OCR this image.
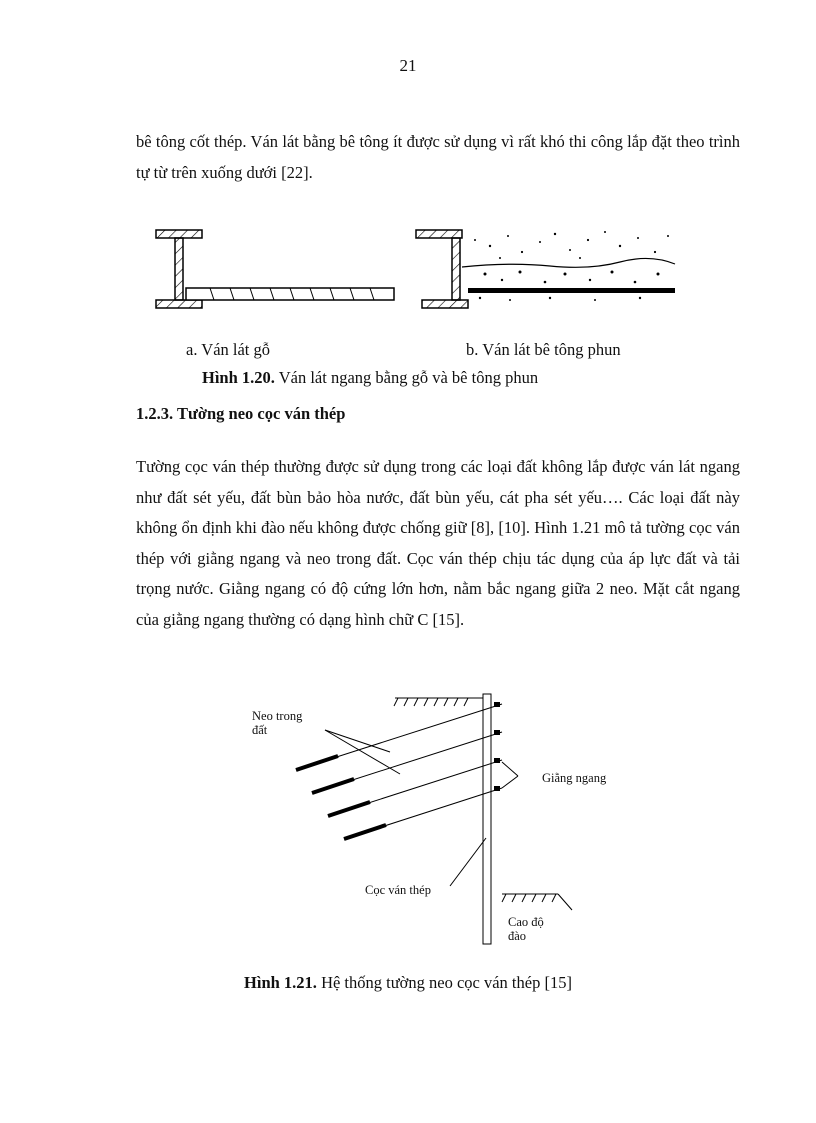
21
bê tông cốt thép. Ván lát bằng bê tông ít được sử dụng vì rất khó thi công lắp đặt theo trình tự từ trên xuống dưới [22].
a. Ván lát gỗ	b. Ván lát bê tông phun
Hình 1.20. Ván lát ngang bằng gỗ và bê tông phun
1.2.3. Tường neo cọc ván thép
Tường cọc ván thép thường được sử dụng trong các loại đất không lắp được ván lát ngang như đất sét yếu, đất bùn bảo hòa nước, đất bùn yếu, cát pha sét yếu…. Các loại đất này không ổn định khi đào nếu không được chống giữ [8], [10]. Hình 1.21 mô tả tường cọc ván thép với giằng ngang và neo trong đất. Cọc ván thép chịu tác dụng của áp lực đất và tải trọng nước. Giằng ngang có độ cứng lớn hơn, nằm bắc ngang giữa 2 neo. Mặt cắt ngang của giằng ngang thường có dạng hình chữ C [15].
Neo trong
đất
Giằng ngang
Cọc ván thép
Cao độ
đào
Hình 1.21. Hệ thống tường neo cọc ván thép [15]
